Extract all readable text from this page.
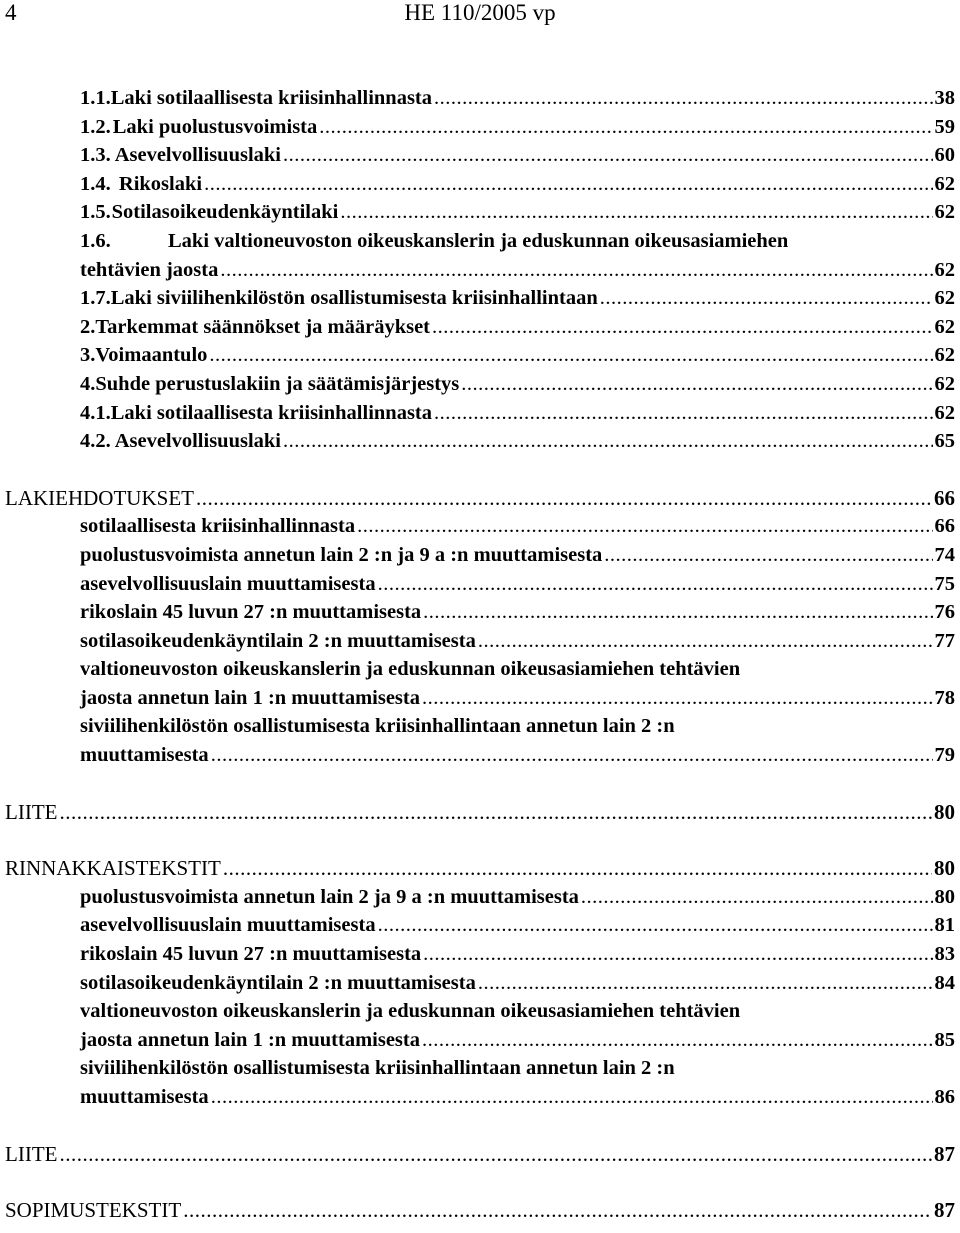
4	HE 110/2005 vp
1.1. Laki sotilaallisesta kriisinhallinnasta .....	38
1.2. Laki puolustusvoimista .....	59
1.3. Asevelvollisuuslaki .....	60
1.4. Rikoslaki .....	62
1.5. Sotilasoikeudenkäyntilaki .....	62
1.6.	Laki valtioneuvoston oikeuskanslerin ja eduskunnan oikeusasiamiehen
tehtävien jaosta .....	62
1.7. Laki siviilihenkilöstön osallistumisesta kriisinhallintaan .....	62
2. Tarkemmat säännökset ja määräykset .....	62
3. Voimaantulo .....	62
4. Suhde perustuslakiin ja säätämisjärjestys .....	62
4.1. Laki sotilaallisesta kriisinhallinnasta .....	62
4.2. Asevelvollisuuslaki .....	65
LAKIEHDOTUKSET .....	66
sotilaallisesta kriisinhallinnasta .....	66
puolustusvoimista annetun lain 2 :n ja 9 a :n muuttamisesta .....	74
asevelvollisuuslain muuttamisesta .....	75
rikoslain 45 luvun 27 :n muuttamisesta .....	76
sotilasoikeudenkäyntilain 2 :n muuttamisesta .....	77
valtioneuvoston oikeuskanslerin ja eduskunnan oikeusasiamiehen tehtävien
jaosta annetun lain 1 :n muuttamisesta .....	78
siviilihenkilöstön osallistumisesta kriisinhallintaan annetun lain 2 :n
muuttamisesta .....	79
LIITE .....	80
RINNAKKAISTEKSTIT .....	80
puolustusvoimista annetun lain 2 ja 9 a :n muuttamisesta .....	80
asevelvollisuuslain muuttamisesta .....	81
rikoslain 45 luvun 27 :n muuttamisesta .....	83
sotilasoikeudenkäyntilain 2 :n muuttamisesta .....	84
valtioneuvoston oikeuskanslerin ja eduskunnan oikeusasiamiehen tehtävien
jaosta annetun lain 1 :n muuttamisesta .....	85
siviilihenkilöstön osallistumisesta kriisinhallintaan annetun lain 2 :n
muuttamisesta .....	86
LIITE .....	87
SOPIMUSTEKSTIT .....	87
